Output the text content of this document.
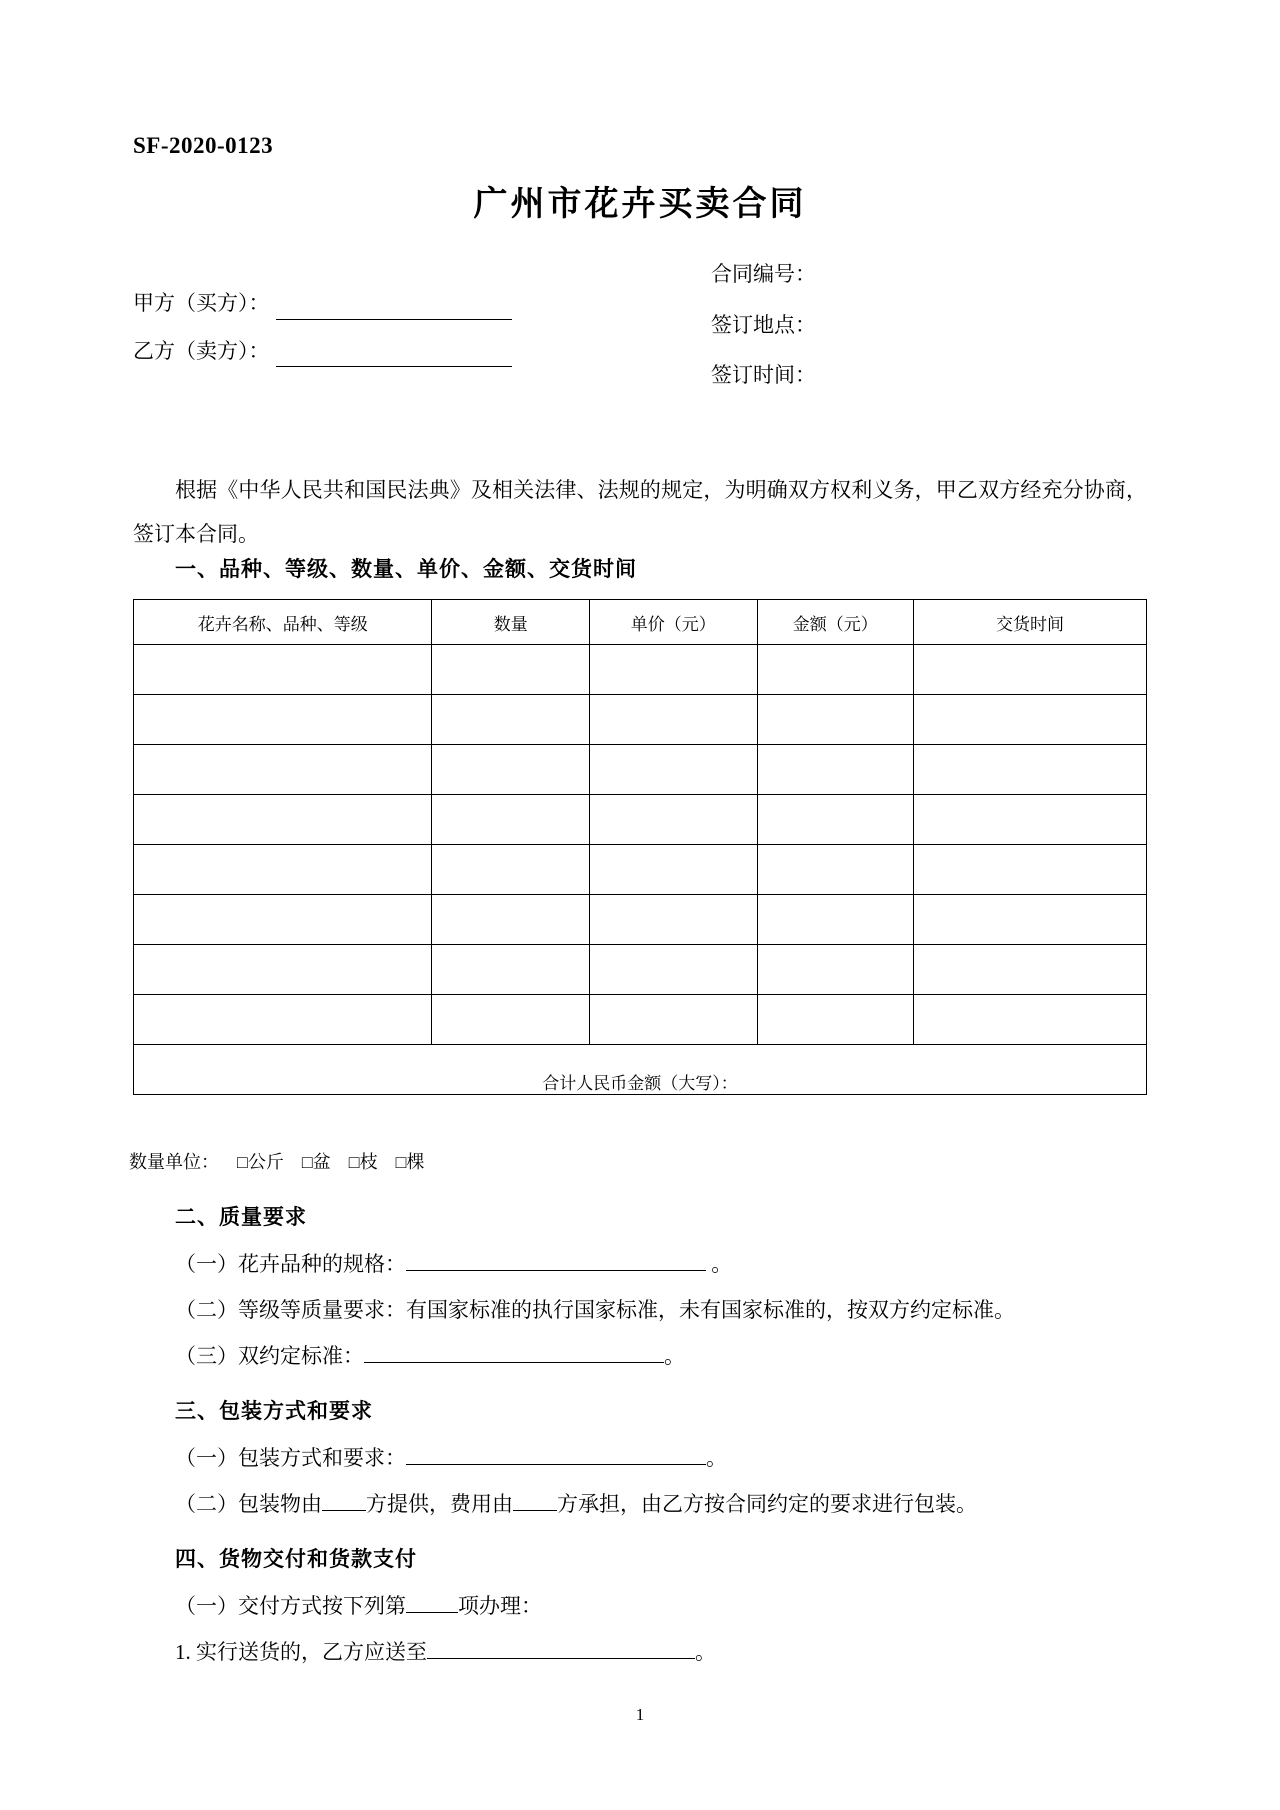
SF-2020-0123
广州市花卉买卖合同
甲方（买方）：
乙方（卖方）：
合同编号：
签订地点：
签订时间：
根据《中华人民共和国民法典》及相关法律、法规的规定，为明确双方权利义务，甲乙双方经充分协商，签订本合同。
一、品种、等级、数量、单价、金额、交货时间
花卉名称、品种、等级	数量	单价（元）	金额（元）	交货时间

合计人民币金额（大写）：				
数量单位： □公斤 □盆 □枝 □棵
二、质量要求
（一）花卉品种的规格：	。
（二）等级等质量要求：有国家标准的执行国家标准，未有国家标准的，按双方约定标准。
（三）双约定标准：	。
三、包装方式和要求
（一）包装方式和要求：	。
（二）包装物由 方提供，费用由 方承担，由乙方按合同约定的要求进行包装。
四、货物交付和货款支付
（一）交付方式按下列第 项办理：
1. 实行送货的，乙方应送至	。
1
